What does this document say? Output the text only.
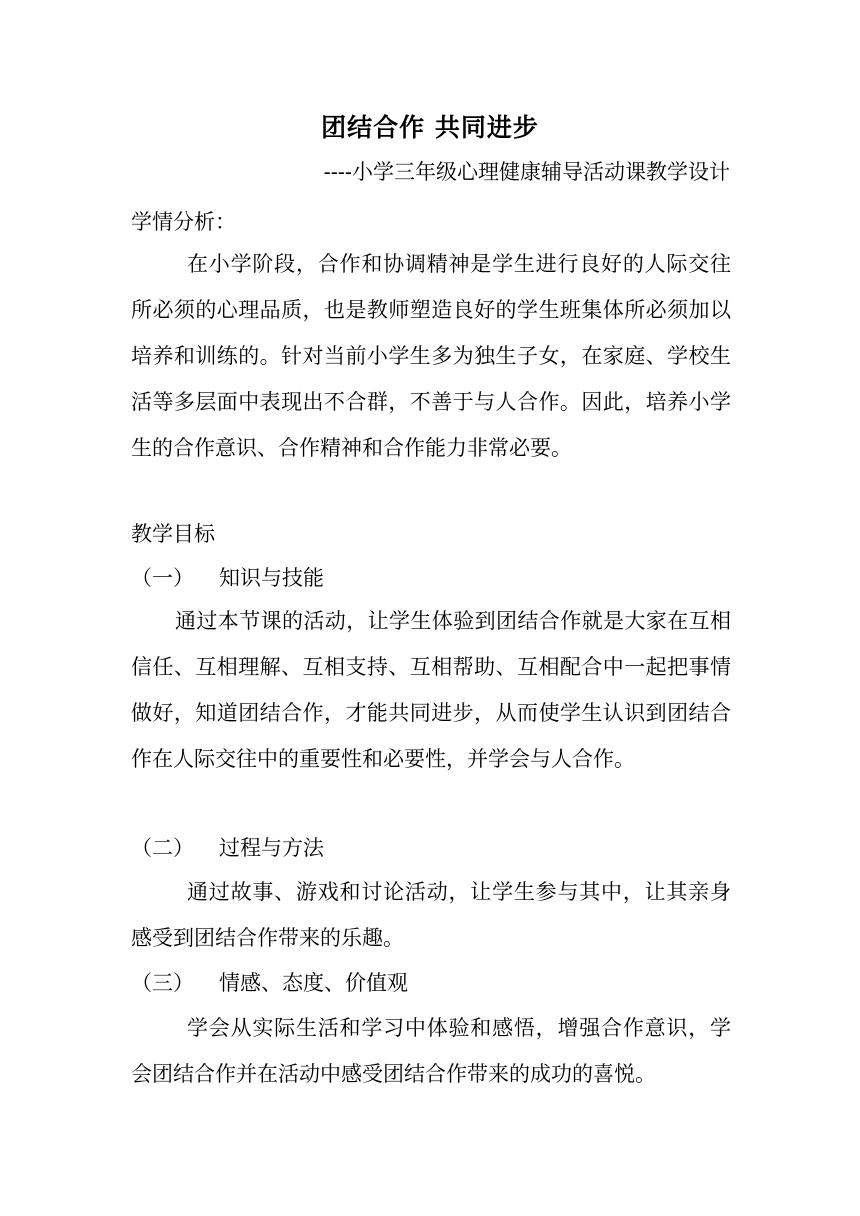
团结合作 共同进步
----小学三年级心理健康辅导活动课教学设计
学情分析：

在小学阶段，合作和协调精神是学生进行良好的人际交往所必须的心理品质，也是教师塑造良好的学生班集体所必须加以培养和训练的。针对当前小学生多为独生子女，在家庭、学校生活等多层面中表现出不合群，不善于与人合作。因此，培养小学生的合作意识、合作精神和合作能力非常必要。

教学目标
（一） 知识与技能

通过本节课的活动，让学生体验到团结合作就是大家在互相信任、互相理解、互相支持、互相帮助、互相配合中一起把事情做好，知道团结合作，才能共同进步，从而使学生认识到团结合作在人际交往中的重要性和必要性，并学会与人合作。

（二） 过程与方法

通过故事、游戏和讨论活动，让学生参与其中，让其亲身感受到团结合作带来的乐趣。

（三） 情感、态度、价值观

学会从实际生活和学习中体验和感悟，增强合作意识，学会团结合作并在活动中感受团结合作带来的成功的喜悦。
